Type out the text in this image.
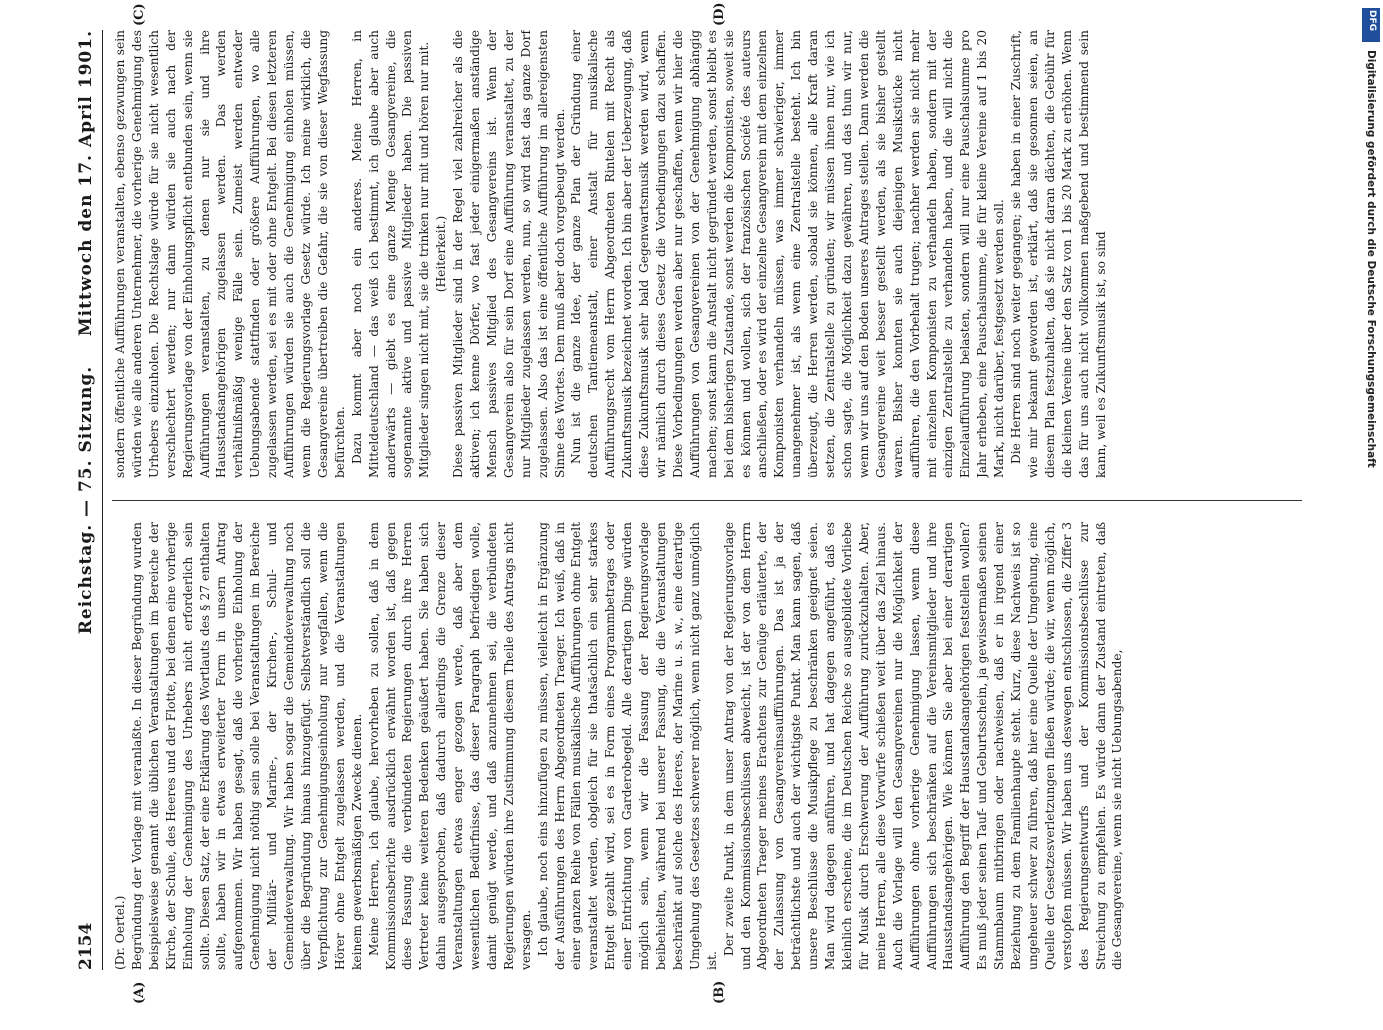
2154
Reichstag. — 75. Sitzung.
Mittwoch den 17. April 1901.
(A)	(B)
(C)	(D)

(Dr. Oertel.) Begründung der Vorlage mit veranlaßte. In dieser Begründung wurden beispielsweise genannt die üblichen Veranstaltungen im Bereiche der Kirche, der Schule, des Heeres und der Flotte, bei denen eine vorherige Einholung der Genehmigung des Urhebers nicht erforderlich sein sollte. Diesen Satz, der eine Erklärung des Wortlauts des § 27 enthalten sollte, haben wir in etwas erweiterter Form in unsern Antrag aufgenommen. Wir haben gesagt, daß die vorherige Einholung der Genehmigung nicht nöthig sein solle bei Veranstaltungen im Bereiche der Militär- und Marine-, der Kirchen-, Schul- und Gemeindeverwaltung. Wir haben sogar die Gemeindeverwaltung noch über die Begründung hinaus hinzugefügt. Selbstverständlich soll die Verpflichtung zur Genehmigungseinholung nur wegfallen, wenn die Hörer ohne Entgelt zugelassen werden, und die Veranstaltungen keinem gewerbsmäßigen Zwecke dienen. Meine Herren, ich glaube, hervorheben zu sollen, daß in dem Kommissionsberichte ausdrücklich erwähnt worden ist, daß gegen diese Fassung die verbündeten Regierungen durch ihre Herren Vertreter keine weiteren Bedenken geäußert haben. Sie haben sich dahin ausgesprochen, daß dadurch allerdings die Grenze dieser Veranstaltungen etwas enger gezogen werde, daß aber dem wesentlichen Bedürfnisse, das dieser Paragraph befriedigen wolle, damit genügt werde, und daß anzunehmen sei, die verbündeten Regierungen würden ihre Zustimmung diesem Theile des Antrags nicht versagen. Ich glaube, noch eins hinzufügen zu müssen, vielleicht in Ergänzung der Ausführungen des Herrn Abgeordneten Traeger. Ich weiß, daß in einer ganzen Reihe von Fällen musikalische Aufführungen ohne Entgelt veranstaltet werden, obgleich für sie thatsächlich ein sehr starkes Entgelt gezahlt wird, sei es in Form eines Programmbetrages oder einer Entrichtung von Garderobegeld. Alle derartigen Dinge würden möglich sein, wenn wir die Fassung der Regierungsvorlage beibehielten, während bei unserer Fassung, die die Veranstaltungen beschränkt auf solche des Heeres, der Marine u. s. w., eine derartige Umgehung des Gesetzes schwerer möglich, wenn nicht ganz unmöglich ist.

Der zweite Punkt, in dem unser Antrag von der Regierungsvorlage und den Kommissionsbeschlüssen abweicht, ist der von dem Herrn Abgeordneten Traeger meines Erachtens zur Genüge erläuterte, der der Zulassung von Gesangvereinsaufführungen. Das ist ja der beträchtlichste und auch der wichtigste Punkt. Man kann sagen, daß unsere Beschlüsse die Musikpflege zu beschränken geeignet seien. Man wird dagegen anführen, und hat dagegen angeführt, daß es kleinlich erscheine, die im Deutschen Reiche so ausgebildete Vorliebe für Musik durch Erschwerung der Aufführung zurückzuhalten. Aber, meine Herren, alle diese Vorwürfe schießen weit über das Ziel hinaus. Auch die Vorlage will den Gesangvereinen nur die Möglichkeit der Aufführungen ohne vorherige Genehmigung lassen, wenn diese Aufführungen sich beschränken auf die Vereinsmitglieder und ihre Hausstandsangehörigen. Wie können Sie aber bei einer derartigen Aufführung den Begriff der Hausstandsangehörigen feststellen wollen? Es muß jeder seinen Tauf- und Geburtsschein, ja gewissermaßen seinen Stammbaum mitbringen oder nachweisen, daß er in irgend einer Beziehung zu dem Familienhaupte steht. Kurz, diese Nachweis ist so ungeheuer schwer zu führen, daß hier eine Quelle der Umgehung, eine Quelle der Gesetzesverletzungen fließen würde; die wir, wenn möglich, verstopfen müssen. Wir haben uns deswegen entschlossen, die Ziffer 3 des Regierungsentwurfs und der Kommissionsbeschlüsse zur Streichung zu empfehlen. Es würde dann der Zustand eintreten, daß die Gesangvereine, wenn sie nicht Uebungsabende,

sondern öffentliche Aufführungen veranstalten, ebenso gezwungen sein würden wie alle anderen Unternehmer, die vorherige Genehmigung des Urhebers einzuholen. Die Rechtslage würde für sie nicht wesentlich verschlechtert werden; nur dann würden sie auch nach der Regierungsvorlage von der Einholungspflicht entbunden sein, wenn sie Aufführungen veranstalten, zu denen nur sie und ihre Hausstandsangehörigen zugelassen werden. Das werden verhältnißmäßig wenige Fälle sein. Zumeist werden entweder Uebungsabende stattfinden oder größere Aufführungen, wo alle zugelassen werden, sei es mit oder ohne Entgelt. Bei diesen letzteren Aufführungen würden sie auch die Genehmigung einholen müssen, wenn die Regierungsvorlage Gesetz würde. Ich meine wirklich, die Gesangvereine übertreiben die Gefahr, die sie von dieser Wegfassung befürchten. Dazu kommt aber noch ein anderes. Meine Herren, in Mitteldeutschland — das weiß ich bestimmt, ich glaube aber auch anderwärts — giebt es eine ganze Menge Gesangvereine, die sogenannte aktive und passive Mitglieder haben. Die passiven Mitglieder singen nicht mit, sie die trinken nur mit und hören nur mit. (Heiterkeit.) Diese passiven Mitglieder sind in der Regel viel zahlreicher als die aktiven; ich kenne Dörfer, wo fast jeder einigermaßen anständige Mensch passives Mitglied des Gesangvereins ist. Wenn der Gesangverein also für sein Dorf eine Aufführung veranstaltet, zu der nur Mitglieder zugelassen werden, nun, so wird fast das ganze Dorf zugelassen. Also das ist eine öffentliche Aufführung im allereigensten Sinne des Wortes. Dem muß aber doch vorgebeugt werden. Nun ist die ganze Idee, der ganze Plan der Gründung einer deutschen Tantiemeanstalt, einer Anstalt für musikalische Aufführungsrecht vom Herrn Abgeordneten Rintelen mit Recht als Zukunftsmusik bezeichnet worden. Ich bin aber der Ueberzeugung, daß diese Zukunftsmusik sehr bald Gegenwartsmusik werden wird, wenn wir nämlich durch dieses Gesetz die Vorbedingungen dazu schaffen. Diese Vorbedingungen werden aber nur geschaffen, wenn wir hier die Aufführungen von Gesangvereinen von der Genehmigung abhängig machen; sonst kann die Anstalt nicht gegründet werden, sonst bleibt es bei dem bisherigen Zustande, sonst werden die Komponisten, soweit sie es können und wollen, sich der französischen Société des auteurs anschließen, oder es wird der einzelne Gesangverein mit dem einzelnen Komponisten verhandeln müssen, was immer schwieriger, immer unangenehmer ist, als wenn eine Zentralstelle besteht. Ich bin überzeugt, die Herren werden, sobald sie können, alle Kraft daran setzen, die Zentralstelle zu gründen; wir müssen ihnen nur, wie ich schon sagte, die Möglichkeit dazu gewähren, und das thun wir nur, wenn wir uns auf den Boden unseres Antrages stellen. Dann werden die Gesangvereine weit besser gestellt werden, als sie bisher gestellt waren. Bisher konnten sie auch diejenigen Musikstücke nicht aufführen, die den Vorbehalt trugen; nachher werden sie nicht mehr mit einzelnen Komponisten zu verhandeln haben, sondern mit der einzigen Zentralstelle zu verhandeln haben, und die will nicht die Einzelaufführung belasten, sondern will nur eine Pauschalsumme pro Jahr erheben, eine Pauschalsumme, die für kleine Vereine auf 1 bis 20 Mark, nicht darüber, festgesetzt werden soll. Die Herren sind noch weiter gegangen; sie haben in einer Zuschrift, wie mir bekannt geworden ist, erklärt, daß sie gesonnen seien, an diesem Plan festzuhalten, daß sie nicht daran dächten, die Gebühr für die kleinen Vereine über den Satz von 1 bis 20 Mark zu erhöhen. Wenn das für uns auch nicht vollkommen maßgebend und bestimmend sein kann, weil es Zukunftsmusik ist, so sind

DFG
Digitalisierung gefördert durch die Deutsche Forschungsgemeinschaft
